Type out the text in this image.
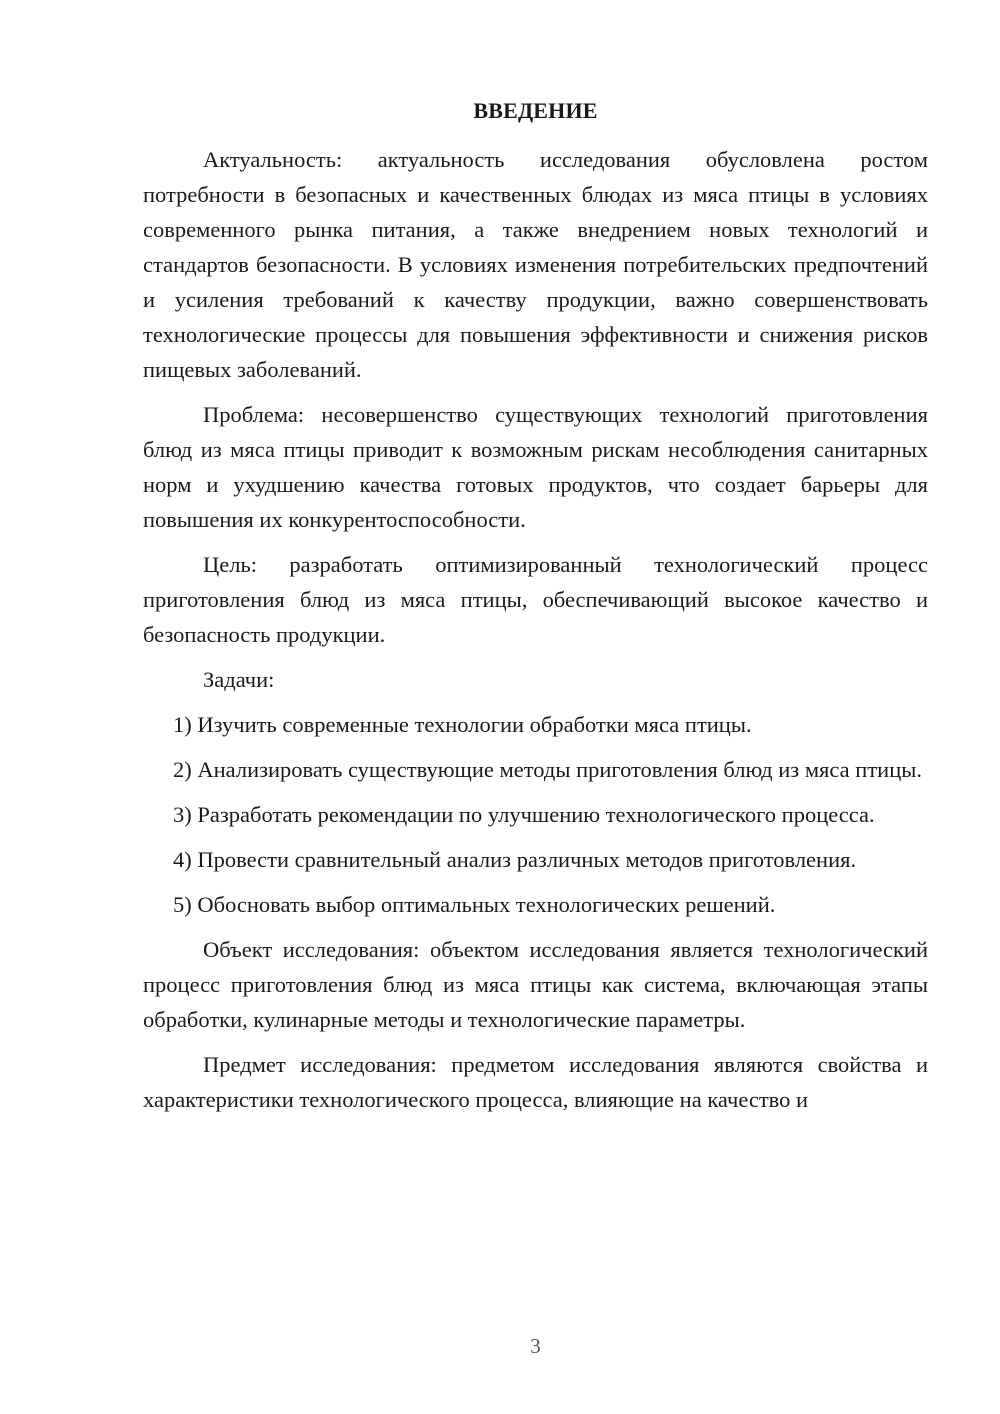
ВВЕДЕНИЕ

Актуальность: актуальность исследования обусловлена ростом потребности в безопасных и качественных блюдах из мяса птицы в условиях современного рынка питания, а также внедрением новых технологий и стандартов безопасности. В условиях изменения потребительских предпочтений и усиления требований к качеству продукции, важно совершенствовать технологические процессы для повышения эффективности и снижения рисков пищевых заболеваний.

Проблема: несовершенство существующих технологий приготовления блюд из мяса птицы приводит к возможным рискам несоблюдения санитарных норм и ухудшению качества готовых продуктов, что создает барьеры для повышения их конкурентоспособности.

Цель: разработать оптимизированный технологический процесс приготовления блюд из мяса птицы, обеспечивающий высокое качество и безопасность продукции.

Задачи:

1) Изучить современные технологии обработки мяса птицы.

2) Анализировать существующие методы приготовления блюд из мяса птицы.

3) Разработать рекомендации по улучшению технологического процесса.

4) Провести сравнительный анализ различных методов приготовления.

5) Обосновать выбор оптимальных технологических решений.

Объект исследования: объектом исследования является технологический процесс приготовления блюд из мяса птицы как система, включающая этапы обработки, кулинарные методы и технологические параметры.

Предмет исследования: предметом исследования являются свойства и характеристики технологического процесса, влияющие на качество и

3
